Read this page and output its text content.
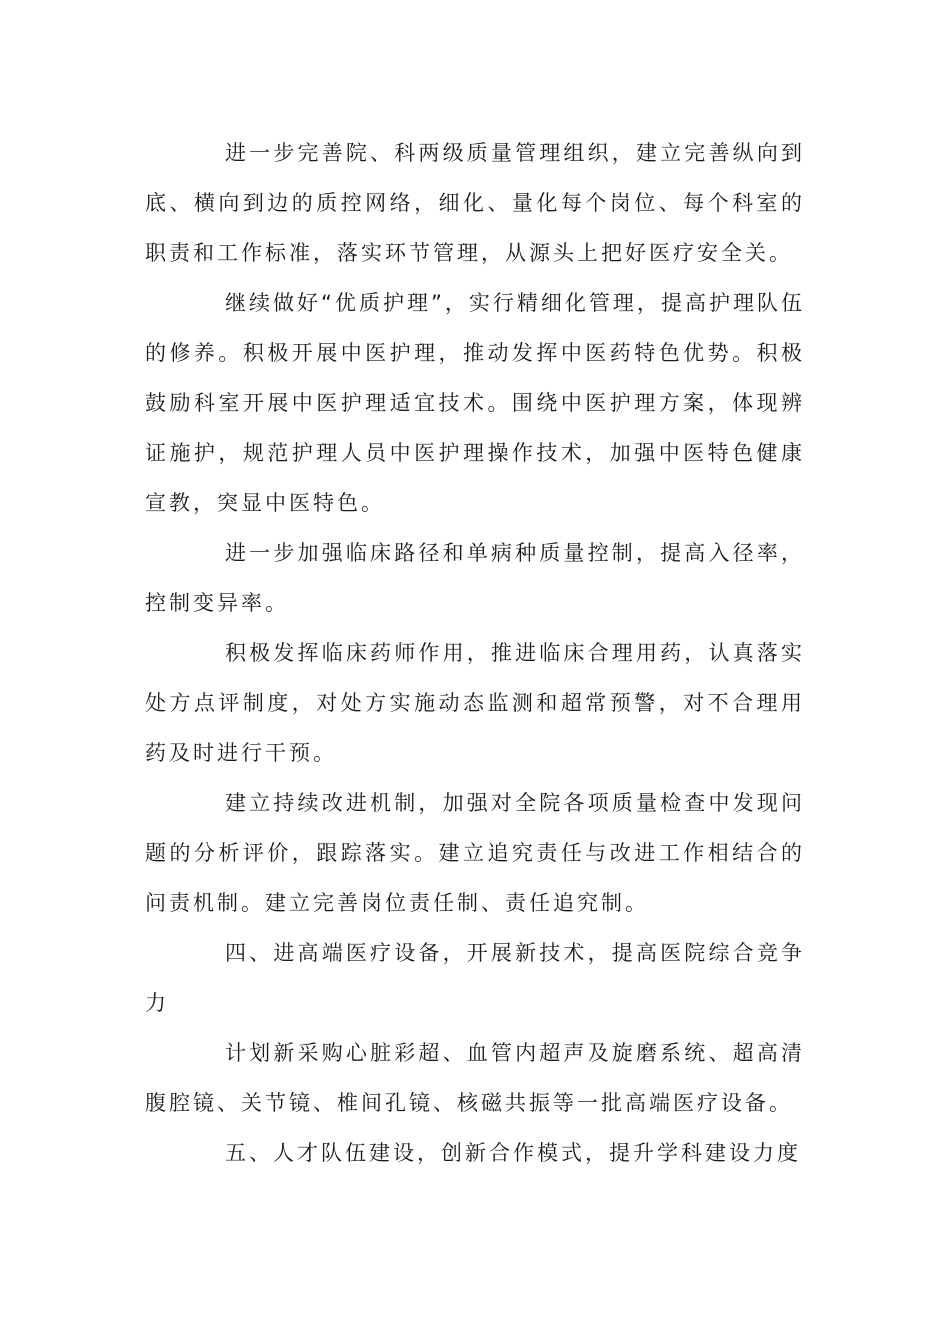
进一步完善院、科两级质量管理组织，建立完善纵向到底、横向到边的质控网络，细化、量化每个岗位、每个科室的职责和工作标准，落实环节管理，从源头上把好医疗安全关。

继续做好“优质护理”，实行精细化管理，提高护理队伍的修养。积极开展中医护理，推动发挥中医药特色优势。积极鼓励科室开展中医护理适宜技术。围绕中医护理方案，体现辨证施护，规范护理人员中医护理操作技术，加强中医特色健康宣教，突显中医特色。

进一步加强临床路径和单病种质量控制，提高入径率，控制变异率。

积极发挥临床药师作用，推进临床合理用药，认真落实处方点评制度，对处方实施动态监测和超常预警，对不合理用药及时进行干预。

建立持续改进机制，加强对全院各项质量检查中发现问题的分析评价，跟踪落实。建立追究责任与改进工作相结合的问责机制。建立完善岗位责任制、责任追究制。

四、进高端医疗设备，开展新技术，提高医院综合竞争力

计划新采购心脏彩超、血管内超声及旋磨系统、超高清腹腔镜、关节镜、椎间孔镜、核磁共振等一批高端医疗设备。

五、人才队伍建设，创新合作模式，提升学科建设力度
